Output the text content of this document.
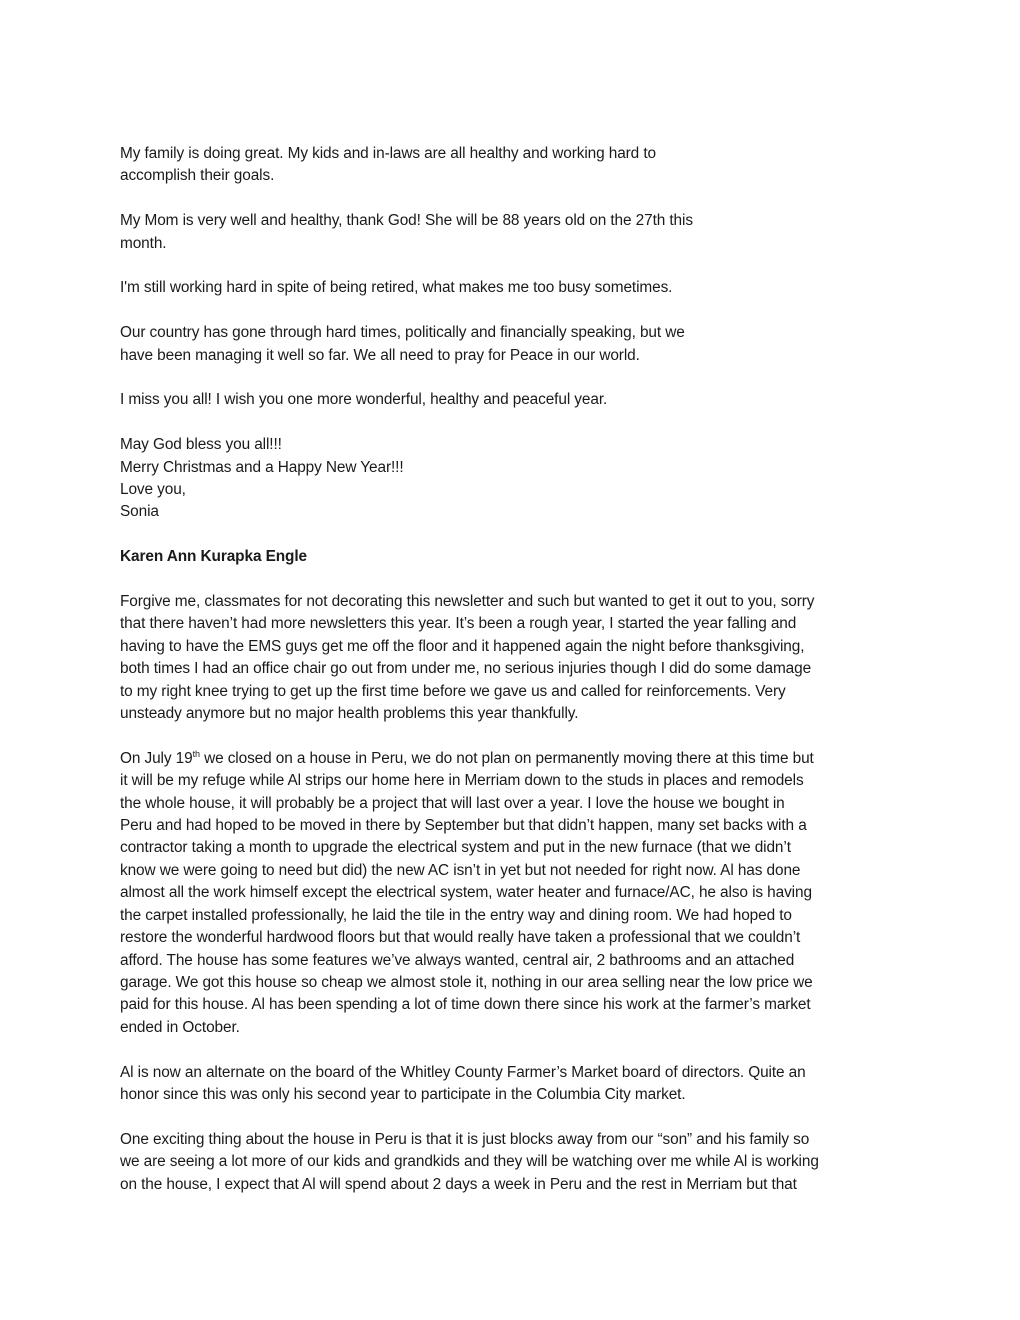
My family is doing great. My kids and in-laws are all healthy and working hard to
accomplish their goals.
My Mom is very well and healthy, thank God! She will be 88 years old on the 27th this
month.
I'm still working hard in spite of being retired, what makes me too busy sometimes.
Our country has gone through hard times, politically and financially speaking, but we
have been managing it well so far. We all need to pray for Peace in our world.
I miss you all! I wish you one more wonderful, healthy and peaceful year.
May God bless you all!!!
Merry Christmas and a Happy New Year!!!
Love you,
Sonia
Karen Ann Kurapka Engle
Forgive me, classmates for not decorating this newsletter and such but wanted to get it out to you, sorry
that there haven’t had more newsletters this year. It’s been a rough year, I started the year falling and
having to have the EMS guys get me off the floor and it happened again the night before thanksgiving,
both times I had an office chair go out from under me, no serious injuries though I did do some damage
to my right knee trying to get up the first time before we gave us and called for reinforcements. Very
unsteady anymore but no major health problems this year thankfully.
On July 19th we closed on a house in Peru, we do not plan on permanently moving there at this time but
it will be my refuge while Al strips our home here in Merriam down to the studs in places and remodels
the whole house, it will probably be a project that will last over a year. I love the house we bought in
Peru and had hoped to be moved in there by September but that didn’t happen, many set backs with a
contractor taking a month to upgrade the electrical system and put in the new furnace (that we didn’t
know we were going to need but did) the new AC isn’t in yet but not needed for right now. Al has done
almost all the work himself except the electrical system, water heater and furnace/AC, he also is having
the carpet installed professionally, he laid the tile in the entry way and dining room. We had hoped to
restore the wonderful hardwood floors but that would really have taken a professional that we couldn’t
afford. The house has some features we’ve always wanted, central air, 2 bathrooms and an attached
garage. We got this house so cheap we almost stole it, nothing in our area selling near the low price we
paid for this house. Al has been spending a lot of time down there since his work at the farmer’s market
ended in October.
Al is now an alternate on the board of the Whitley County Farmer’s Market board of directors. Quite an
honor since this was only his second year to participate in the Columbia City market.
One exciting thing about the house in Peru is that it is just blocks away from our “son” and his family so
we are seeing a lot more of our kids and grandkids and they will be watching over me while Al is working
on the house, I expect that Al will spend about 2 days a week in Peru and the rest in Merriam but that
